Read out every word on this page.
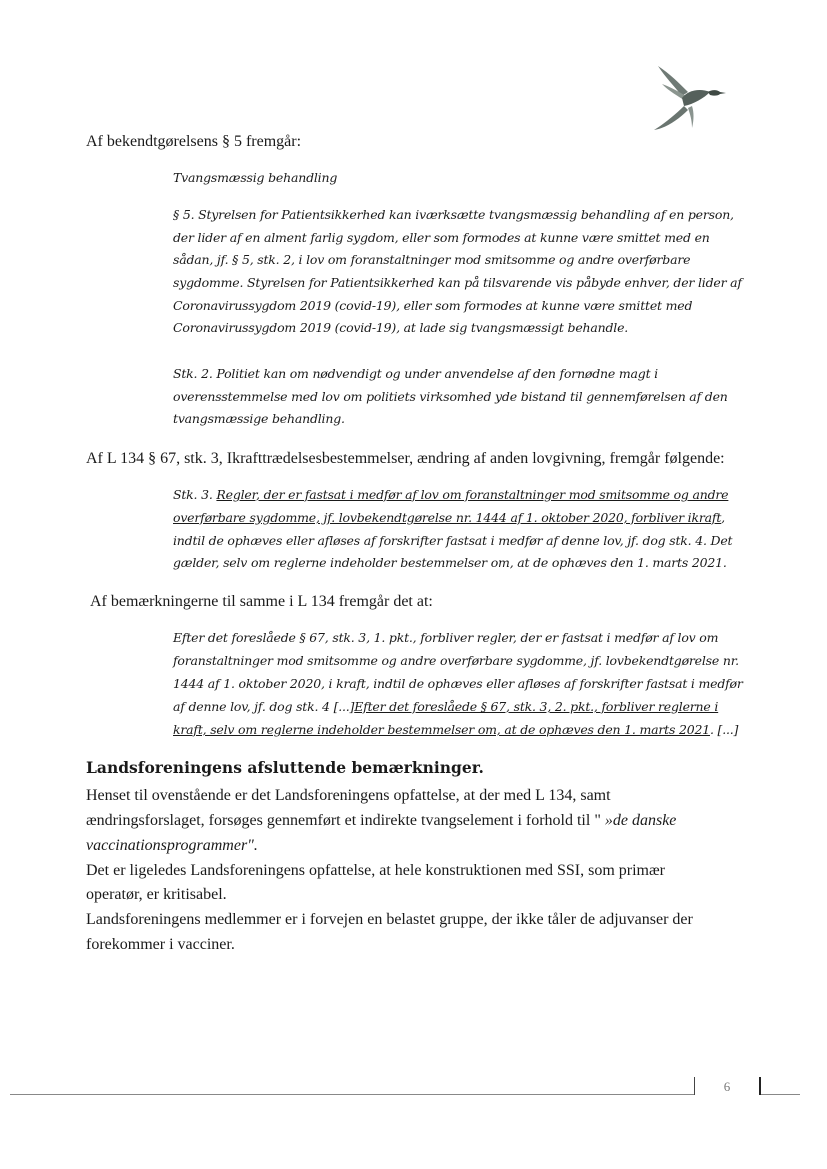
Af bekendtgørelsens § 5 fremgår:

Tvangsmæssig behandling

§ 5. Styrelsen for Patientsikkerhed kan iværksætte tvangsmæssig behandling af en person,

der lider af en alment farlig sygdom, eller som formodes at kunne være smittet med en

sådan, jf. § 5, stk. 2, i lov om foranstaltninger mod smitsomme og andre overførbare

sygdomme. Styrelsen for Patientsikkerhed kan på tilsvarende vis påbyde enhver, der lider af

Coronavirussygdom 2019 (covid-19), eller som formodes at kunne være smittet med

Coronavirussygdom 2019 (covid-19), at lade sig tvangsmæssigt behandle.

Stk. 2. Politiet kan om nødvendigt og under anvendelse af den fornødne magt i

overensstemmelse med lov om politiets virksomhed yde bistand til gennemførelsen af den

tvangsmæssige behandling.

Af L 134 § 67, stk. 3, Ikrafttrædelsesbestemmelser, ændring af anden lovgivning, fremgår følgende:

Stk. 3. Regler, der er fastsat i medfør af lov om foranstaltninger mod smitsomme og andre

overførbare sygdomme, jf. lovbekendtgørelse nr. 1444 af 1. oktober 2020, forbliver ikraft,

indtil de ophæves eller afløses af forskrifter fastsat i medfør af denne lov, jf. dog stk. 4. Det

gælder, selv om reglerne indeholder bestemmelser om, at de ophæves den 1. marts 2021.

Af bemærkningerne til samme i L 134 fremgår det at:

Efter det foreslåede § 67, stk. 3, 1. pkt., forbliver regler, der er fastsat i medfør af lov om

foranstaltninger mod smitsomme og andre overførbare sygdomme, jf. lovbekendtgørelse nr.

1444 af 1. oktober 2020, i kraft, indtil de ophæves eller afløses af forskrifter fastsat i medfør

af denne lov, jf. dog stk. 4 [...]Efter det foreslåede § 67, stk. 3, 2. pkt., forbliver reglerne i

kraft, selv om reglerne indeholder bestemmelser om, at de ophæves den 1. marts 2021. [...]

Landsforeningens afsluttende bemærkninger.

Henset til ovenstående er det Landsforeningens opfattelse, at der med L 134, samt

ændringsforslaget, forsøges gennemført et indirekte tvangselement i forhold til " »de danske

vaccinationsprogrammer".

Det er ligeledes Landsforeningens opfattelse, at hele konstruktionen med SSI, som primær

operatør, er kritisabel.

Landsforeningens medlemmer er i forvejen en belastet gruppe, der ikke tåler de adjuvanser der

forekommer i vacciner.

6
